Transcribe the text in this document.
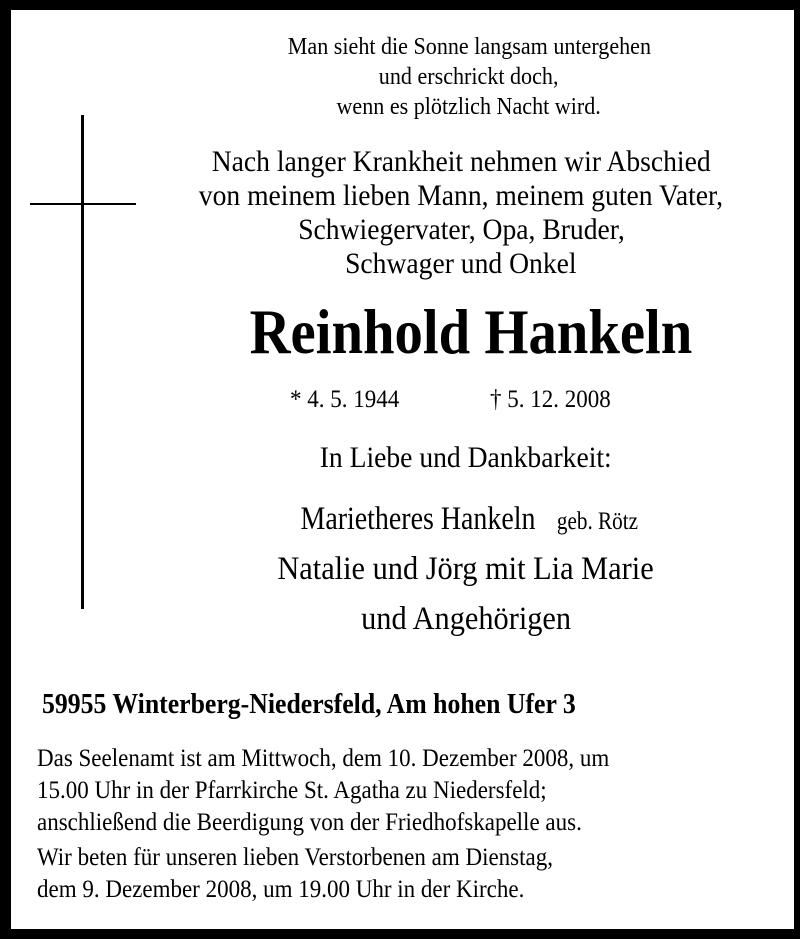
Man sieht die Sonne langsam untergehen
und erschrickt doch,
wenn es plötzlich Nacht wird.
Nach langer Krankheit nehmen wir Abschied
von meinem lieben Mann, meinem guten Vater,
Schwiegervater, Opa, Bruder,
Schwager und Onkel
Reinhold Hankeln
* 4. 5. 1944	† 5. 12. 2008
In Liebe und Dankbarkeit:
Marietheres Hankeln geb. Rötz
Natalie und Jörg mit Lia Marie
und Angehörigen
59955 Winterberg-Niedersfeld, Am hohen Ufer 3
Das Seelenamt ist am Mittwoch, dem 10. Dezember 2008, um
15.00 Uhr in der Pfarrkirche St. Agatha zu Niedersfeld;
anschließend die Beerdigung von der Friedhofskapelle aus.
Wir beten für unseren lieben Verstorbenen am Dienstag,
dem 9. Dezember 2008, um 19.00 Uhr in der Kirche.
